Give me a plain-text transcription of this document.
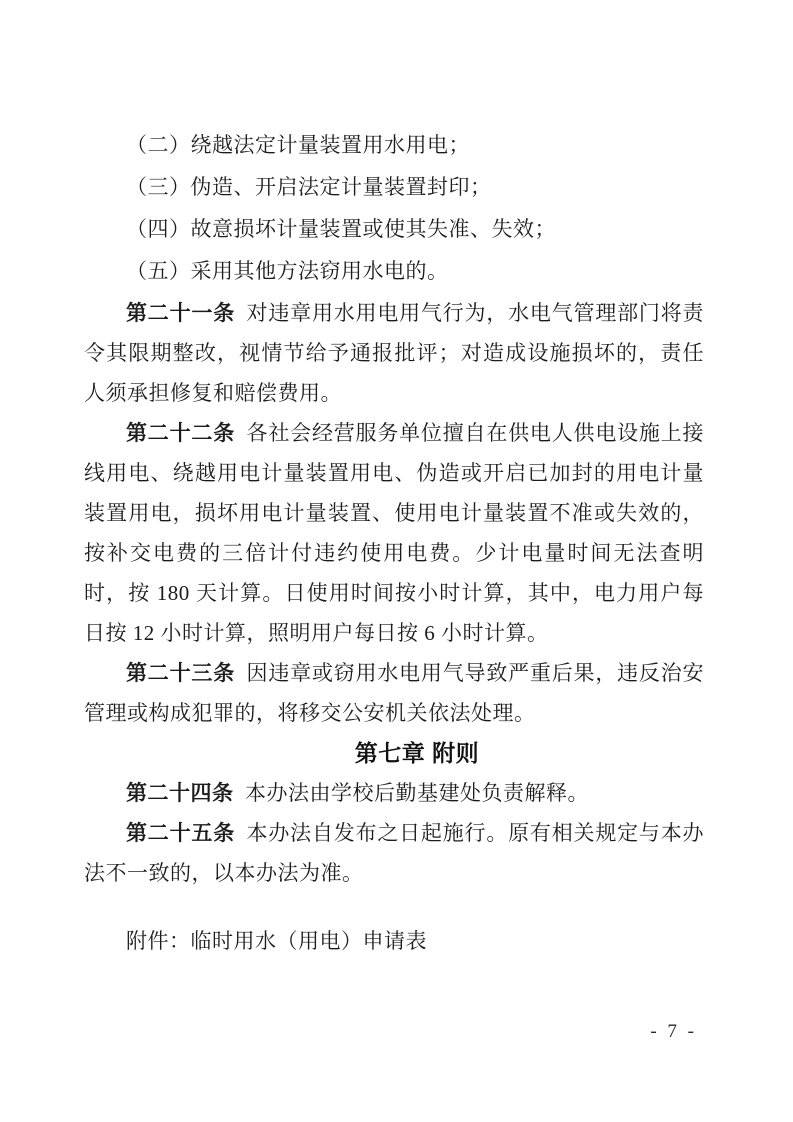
（二）绕越法定计量装置用水用电；

（三）伪造、开启法定计量装置封印；

（四）故意损坏计量装置或使其失准、失效；

（五）采用其他方法窃用水电的。

第二十一条 对违章用水用电用气行为，水电气管理部门将责令其限期整改，视情节给予通报批评；对造成设施损坏的，责任人须承担修复和赔偿费用。

第二十二条 各社会经营服务单位擅自在供电人供电设施上接线用电、绕越用电计量装置用电、伪造或开启已加封的用电计量装置用电，损坏用电计量装置、使用电计量装置不准或失效的，按补交电费的三倍计付违约使用电费。少计电量时间无法查明时，按 180 天计算。日使用时间按小时计算，其中，电力用户每日按 12 小时计算，照明用户每日按 6 小时计算。

第二十三条 因违章或窃用水电用气导致严重后果，违反治安管理或构成犯罪的，将移交公安机关依法处理。

第七章 附则

第二十四条 本办法由学校后勤基建处负责解释。

第二十五条 本办法自发布之日起施行。原有相关规定与本办法不一致的，以本办法为准。

附件：临时用水（用电）申请表

- 7 -
